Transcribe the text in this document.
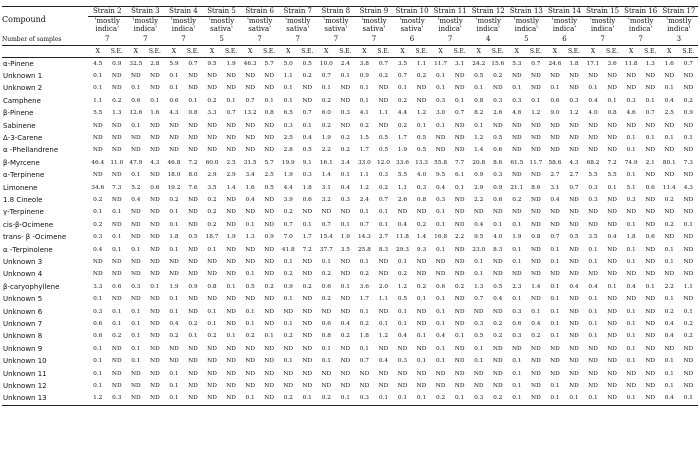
Compound	Strain 2		Strain 3		Strain 4		Strain 5		Strain 6		Strain 7		Strain 8		Strain 9		Strain 10		Strain 11		Strain 12		Strain 13		Strain 14		Strain 15		Strain 16		Strain 17	
	'mostly		'mostly		'mostly		'mostly		'mostly		'mostly		'mostly		'mostly		'mostly		'mostly		'mostly		'mostly		'mostly		'mostly		'mostly		'mostly	
	indica'		indica'		indica'		sativa'		sativa'		sativa'		sativa'		sativa'		sativa'		indica'		indica'		indica'		indica'		indica'		indica'		indica'	
Number of samples	7		7		7		5		7		7		7		7		6		7		4		5		6		7		7		3	
	X	S.E.	X	S.E.	X	S.E.	X	S.E.	X	S.E.	X	S.E.	X	S.E.	X	S.E.	X	S.E.	X	S.E.	X	S.E.	X	S.E.	X	S.E.	X	S.E.	X	S.E.	X	S.E.
α-Pinene	4.5	0.9	32.5	2.8	5.9	0.7	9.5	1.9	46.3	5.7	5.0	0.5	10.0	2.4	3.8	0.7	3.5	1.1	11.7	3.1	24.2	15.6	5.3	0.7	24.6	1.8	17.1	3.6	11.8	1.3	1.6	0.7
Unknown 1	0.1	ND	ND	ND	0.1	ND	ND	ND	ND	ND	1.1	0.2	0.7	0.1	0.9	0.2	0.7	0.2	0.1	ND	0.5	0.2	ND	ND	ND	ND	ND	ND	ND	ND	ND	ND
Unknown 2	0.1	ND	0.1	ND	0.1	ND	ND	ND	ND	ND	0.1	ND	0.1	ND	0.1	ND	0.1	ND	0.1	ND	0.1	ND	0.1	ND	0.1	ND	0.1	ND	ND	ND	0.1	ND
Camphene	1.1	0.2	0.6	0.1	0.6	0.1	0.2	0.1	0.7	0.1	0.1	ND	0.2	ND	0.1	ND	0.2	ND	0.3	0.1	0.8	0.3	0.3	0.1	0.6	0.3	0.4	0.1	0.3	0.1	0.4	0.2
β-Pinene	5.5	1.3	12.6	1.6	4.3	0.8	3.3	0.7	13.2	0.8	6.5	0.7	6.0	0.3	4.1	1.1	4.4	1.2	3.0	0.7	8.2	2.6	4.6	1.2	9.0	1.2	4.0	0.8	4.6	0.7	2.5	0.9
Sabinene	ND	ND	0.1	ND	ND	ND	ND	ND	ND	ND	0.3	0.1	0.2	ND	0.2	ND	0.2	0.1	0.1	ND	0.1	ND	ND	ND	ND	ND	ND	ND	ND	ND	ND	ND
Δ-3-Carene	ND	ND	ND	ND	ND	ND	ND	ND	ND	ND	2.5	0.4	1.9	0.2	1.5	0.5	1.7	0.5	ND	ND	1.2	0.5	ND	ND	ND	ND	ND	ND	0.1	0.1	0.1	0.1
α -Phellandrene	ND	ND	ND	ND	ND	ND	ND	ND	ND	ND	2.8	0.5	2.2	0.2	1.7	0.5	1.9	0.5	ND	ND	1.4	0.6	ND	ND	ND	ND	ND	ND	0.1	ND	ND	ND
β-Myrcene	46.4	11.0	47.9	4.3	46.8	7.2	60.0	2.5	31.5	5.7	19.9	9.1	16.1	3.4	33.0	12.0	33.6	13.3	55.8	7.7	20.8	8.6	61.5	11.7	58.6	4.3	68.2	7.2	74.9	2.1	80.1	7.3
α-Terpinene	ND	ND	0.1	ND	18.0	8.0	2.9	2.9	3.4	2.5	1.9	0.3	1.4	0.1	1.1	0.3	5.5	4.0	9.5	6.1	0.9	0.3	ND	ND	2.7	2.7	5.5	5.5	0.1	ND	ND	ND
Limonene	34.6	7.3	5.2	0.6	19.2	7.6	3.5	1.4	1.6	0.5	4.4	1.8	3.1	0.4	1.2	0.2	1.1	0.3	0.4	0.1	2.9	0.9	21.1	8.6	3.1	0.7	0.3	0.1	5.1	0.6	11.4	4.3
1.8 Cineole	0.2	ND	0.4	ND	0.2	ND	0.2	ND	0.4	ND	3.9	0.6	3.2	0.3	2.4	0.7	2.6	0.8	0.3	ND	2.2	0.6	0.2	ND	0.4	ND	0.3	ND	0.3	ND	0.2	ND
γ-Terpinene	0.1	0.1	ND	ND	0.1	ND	0.2	ND	ND	ND	0.2	ND	ND	ND	0.1	0.1	ND	ND	0.1	ND	ND	ND	ND	ND	ND	ND	ND	ND	ND	ND	ND	ND
cis-β-Ocimene	0.2	ND	ND	ND	0.1	ND	0.2	ND	0.1	ND	0.7	0.1	0.7	0.1	0.7	0.1	0.4	0.2	0.1	ND	0.4	0.1	0.1	ND	ND	ND	ND	ND	0.1	ND	0.2	0.1
trans- β -Ocimene	0.3	0.1	ND	ND	1.8	0.5	18.7	1.9	1.3	0.9	7.0	1.7	15.4	1.9	14.3	2.7	11.8	1.4	16.8	2.2	9.5	4.0	1.9	0.8	0.7	0.5	3.5	0.4	1.8	0.6	ND	ND
α -Terpinolene	0.4	0.1	0.1	ND	0.1	ND	0.1	ND	ND	ND	41.8	7.2	37.7	3.5	25.8	8.3	29.3	9.3	0.1	ND	23.0	8.3	0.1	ND	0.1	ND	0.1	ND	0.1	ND	0.1	ND
Unknown 3	ND	ND	ND	ND	ND	ND	ND	ND	ND	ND	0.1	ND	0.1	ND	0.1	ND	0.1	ND	ND	ND	0.1	ND	0.1	ND	0.1	ND	0.1	ND	0.1	ND	0.1	ND
Unknown 4	ND	ND	ND	ND	ND	ND	ND	ND	0.1	ND	0.2	ND	0.2	ND	0.2	ND	0.2	ND	ND	ND	0.1	ND	ND	ND	ND	ND	ND	ND	ND	ND	ND	ND
β-caryophyllene	3.3	0.6	0.3	0.1	1.9	0.9	0.8	0.1	0.5	0.2	0.9	0.2	0.6	0.1	3.6	2.0	1.2	0.2	0.6	0.2	1.3	0.5	2.3	1.4	0.1	0.4	0.4	0.1	0.4	0.1	2.2	1.1
Unknown 5	0.1	ND	ND	ND	0.1	ND	ND	ND	ND	ND	0.1	ND	0.2	ND	1.7	1.1	0.5	0.1	0.1	ND	0.7	0.4	0.1	ND	0.1	ND	0.1	ND	ND	ND	0.1	ND
Unknown 6	0.3	0.1	0.1	ND	0.1	ND	0.1	ND	0.1	ND	ND	ND	ND	ND	0.1	ND	0.1	ND	0.1	ND	ND	ND	0.3	0.1	0.1	ND	0.1	ND	0.1	ND	0.2	0.1
Unknown 7	0.6	0.1	0.1	ND	0.4	0.2	0.1	ND	0.1	ND	0.1	ND	0.6	0.4	0.2	0.1	0.1	ND	0.1	ND	0.3	0.2	0.6	0.4	0.1	ND	0.1	ND	0.1	ND	0.4	0.2
Unknown 8	0.6	0.2	0.1	ND	0.2	0.1	0.2	0.1	0.2	0.1	0.2	ND	0.8	0.2	1.8	1.2	0.4	0.1	0.4	0.1	0.5	0.2	0.3	0.2	0.1	ND	0.1	ND	0.1	ND	0.4	0.2
Unknown 9	0.1	ND	0.1	ND	ND	ND	ND	ND	ND	ND	ND	ND	0.1	ND	0.1	ND	ND	ND	0.1	ND	0.1	ND	ND	ND	ND	ND	ND	ND	0.1	ND	ND	ND
Unknown 10	0.1	ND	0.1	ND	ND	ND	ND	ND	ND	ND	0.1	ND	0.1	ND	0.7	0.4	0.3	0.1	0.1	ND	0.1	ND	0.1	ND	ND	ND	ND	ND	0.1	ND	0.1	ND
Unknown 11	0.1	ND	ND	ND	0.1	ND	ND	ND	ND	ND	ND	ND	ND	ND	ND	ND	ND	ND	ND	ND	ND	ND	0.1	ND	ND	ND	ND	ND	ND	ND	0.1	ND
Unknown 12	0.1	ND	ND	ND	0.1	ND	ND	ND	ND	ND	ND	ND	ND	ND	ND	ND	ND	ND	ND	ND	ND	ND	0.1	ND	0.1	ND	ND	ND	ND	ND	0.1	ND
Unknown 13	1.2	0.3	ND	ND	0.1	ND	ND	ND	0.1	ND	0.2	0.1	0.2	0.1	0.3	0.1	0.1	0.1	0.2	0.1	0.3	0.2	0.1	ND	0.1	0.1	0.1	ND	0.1	ND	0.4	0.1
